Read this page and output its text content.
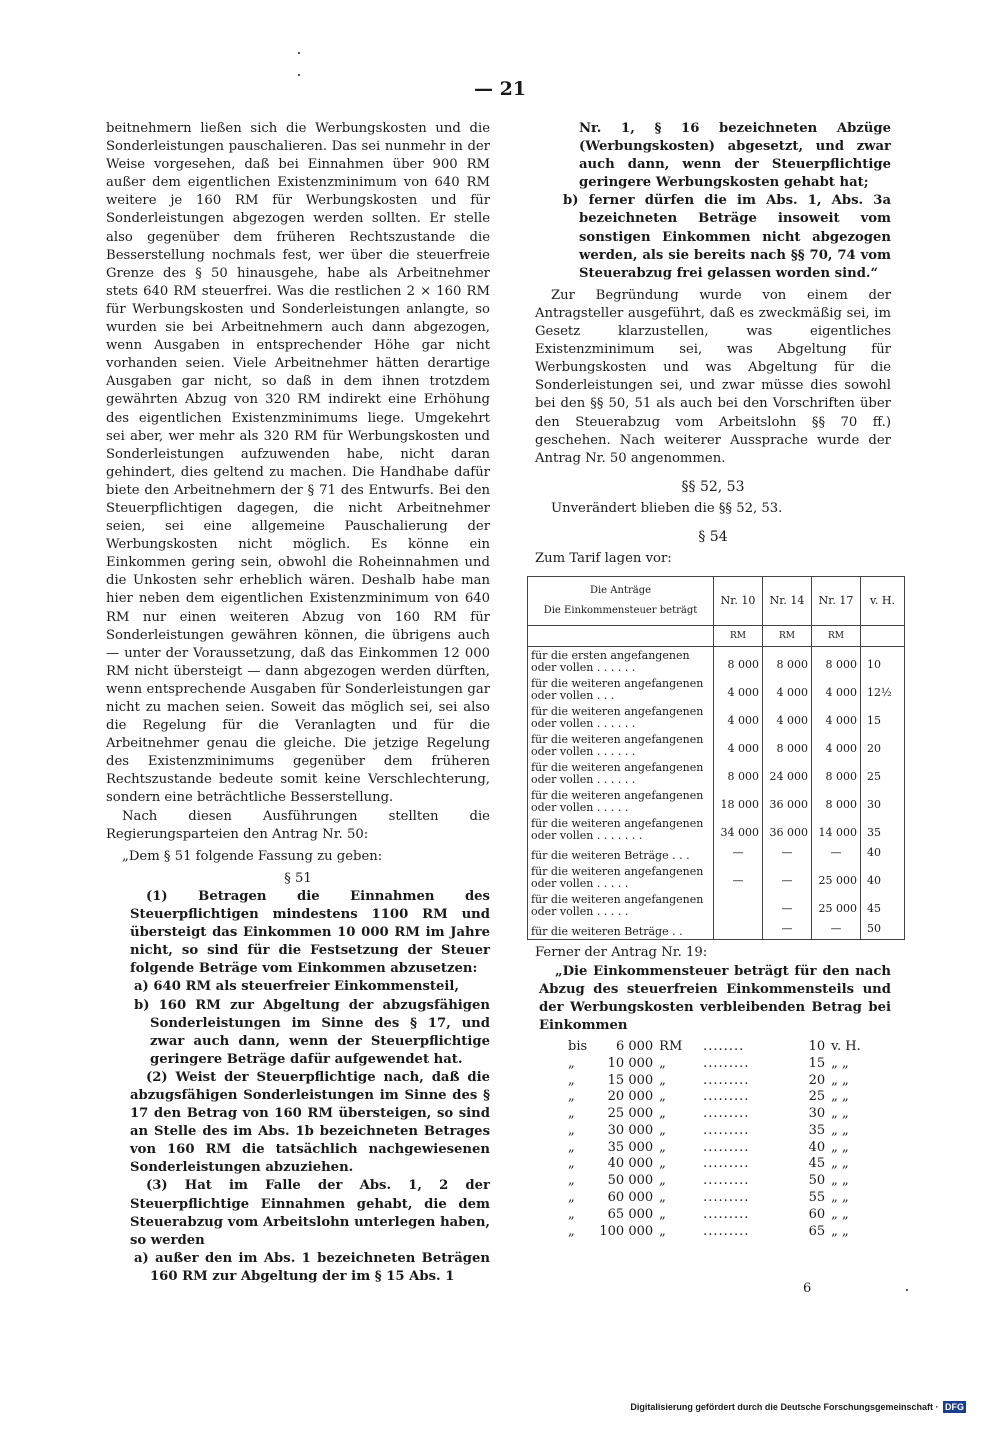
— 21

beitnehmern ließen sich die Werbungskosten und die Sonderleistungen pauschalieren. Das sei nunmehr in der Weise vorgesehen, daß bei Einnahmen über 900 RM außer dem eigentlichen Existenzminimum von 640 RM weitere je 160 RM für Werbungskosten und für Sonderleistungen abgezogen werden sollten. Er stelle also gegenüber dem früheren Rechtszustande die Besserstellung nochmals fest, wer über die steuerfreie Grenze des § 50 hinausgehe, habe als Arbeitnehmer stets 640 RM steuerfrei. Was die restlichen 2 × 160 RM für Werbungskosten und Sonderleistungen anlangte, so wurden sie bei Arbeitnehmern auch dann abgezogen, wenn Ausgaben in entsprechender Höhe gar nicht vorhanden seien. Viele Arbeitnehmer hätten derartige Ausgaben gar nicht, so daß in dem ihnen trotzdem gewährten Abzug von 320 RM indirekt eine Erhöhung des eigentlichen Existenzminimums liege. Umgekehrt sei aber, wer mehr als 320 RM für Werbungskosten und Sonderleistungen aufzuwenden habe, nicht daran gehindert, dies geltend zu machen. Die Handhabe dafür biete den Arbeitnehmern der § 71 des Entwurfs. Bei den Steuerpflichtigen dagegen, die nicht Arbeitnehmer seien, sei eine allgemeine Pauschalierung der Werbungskosten nicht möglich. Es könne ein Einkommen gering sein, obwohl die Roheinnahmen und die Unkosten sehr erheblich wären. Deshalb habe man hier neben dem eigentlichen Existenzminimum von 640 RM nur einen weiteren Abzug von 160 RM für Sonderleistungen gewähren können, die übrigens auch — unter der Voraussetzung, daß das Einkommen 12 000 RM nicht übersteigt — dann abgezogen werden dürften, wenn entsprechende Ausgaben für Sonderleistungen gar nicht zu machen seien. Soweit das möglich sei, sei also die Regelung für die Veranlagten und für die Arbeitnehmer genau die gleiche. Die jetzige Regelung des Existenzminimums gegenüber dem früheren Rechtszustande bedeute somit keine Verschlechterung, sondern eine beträchtliche Besserstellung.

Nach diesen Ausführungen stellten die Regierungsparteien den Antrag Nr. 50:

„Dem § 51 folgende Fassung zu geben:

§ 51

(1) Betragen die Einnahmen des Steuerpflichtigen mindestens 1100 RM und übersteigt das Einkommen 10 000 RM im Jahre nicht, so sind für die Festsetzung der Steuer folgende Beträge vom Einkommen abzusetzen:

a) 640 RM als steuerfreier Einkommensteil,

b) 160 RM zur Abgeltung der abzugsfähigen Sonderleistungen im Sinne des § 17, und zwar auch dann, wenn der Steuerpflichtige geringere Beträge dafür aufgewendet hat.

(2) Weist der Steuerpflichtige nach, daß die abzugsfähigen Sonderleistungen im Sinne des § 17 den Betrag von 160 RM übersteigen, so sind an Stelle des im Abs. 1b bezeichneten Betrages von 160 RM die tatsächlich nachgewiesenen Sonderleistungen abzuziehen.

(3) Hat im Falle der Abs. 1, 2 der Steuerpflichtige Einnahmen gehabt, die dem Steuerabzug vom Arbeitslohn unterlegen haben, so werden

a) außer den im Abs. 1 bezeichneten Beträgen 160 RM zur Abgeltung der im § 15 Abs. 1

Nr. 1, § 16 bezeichneten Abzüge (Werbungskosten) abgesetzt, und zwar auch dann, wenn der Steuerpflichtige geringere Werbungskosten gehabt hat;

b) ferner dürfen die im Abs. 1, Abs. 3a bezeichneten Beträge insoweit vom sonstigen Einkommen nicht abgezogen werden, als sie bereits nach §§ 70, 74 vom Steuerabzug frei gelassen worden sind.“

Zur Begründung wurde von einem der Antragsteller ausgeführt, daß es zweckmäßig sei, im Gesetz klarzustellen, was eigentliches Existenzminimum sei, was Abgeltung für Werbungskosten und was Abgeltung für die Sonderleistungen sei, und zwar müsse dies sowohl bei den §§ 50, 51 als auch bei den Vorschriften über den Steuerabzug vom Arbeitslohn §§ 70 ff.) geschehen. Nach weiterer Aussprache wurde der Antrag Nr. 50 angenommen.

§§ 52, 53

Unverändert blieben die §§ 52, 53.

§ 54

Zum Tarif lagen vor:

Die Anträge
Die Einkommensteuer beträgt	Nr. 10	Nr. 14	Nr. 17	v. H.
	RM	RM	RM	
für die ersten angefangenen oder vollen . . . . . .	8 000	8 000	8 000	10
für die weiteren angefangenen oder vollen . . .	4 000	4 000	4 000	12½
für die weiteren angefangenen oder vollen . . . . . .	4 000	4 000	4 000	15
für die weiteren angefangenen oder vollen . . . . . .	4 000	8 000	4 000	20
für die weiteren angefangenen oder vollen . . . . . .	8 000	24 000	8 000	25
für die weiteren angefangenen oder vollen . . . . .	18 000	36 000	8 000	30
für die weiteren angefangenen oder vollen . . . . . . .	34 000	36 000	14 000	35
für die weiteren Beträge . . .	—	—	—	40
für die weiteren angefangenen oder vollen . . . . .	—	—	25 000	40
für die weiteren angefangenen oder vollen . . . . .		—	25 000	45
für die weiteren Beträge . .		—	—	50

Ferner der Antrag Nr. 19:

„Die Einkommensteuer beträgt für den nach Abzug des steuerfreien Einkommensteils und der Werbungskosten verbleibenden Betrag bei Einkommen

bis	6 000	RM	........	10	v. H.
„	10 000	„	.........	15	„ „
„	15 000	„	.........	20	„ „
„	20 000	„	.........	25	„ „
„	25 000	„	.........	30	„ „
„	30 000	„	.........	35	„ „
„	35 000	„	.........	40	„ „
„	40 000	„	.........	45	„ „
„	50 000	„	.........	50	„ „
„	60 000	„	.........	55	„ „
„	65 000	„	.........	60	„ „
„	100 000	„	.........	65	„ „
6
Digitalisierung gefördert durch die Deutsche Forschungsgemeinschaft · DFG
